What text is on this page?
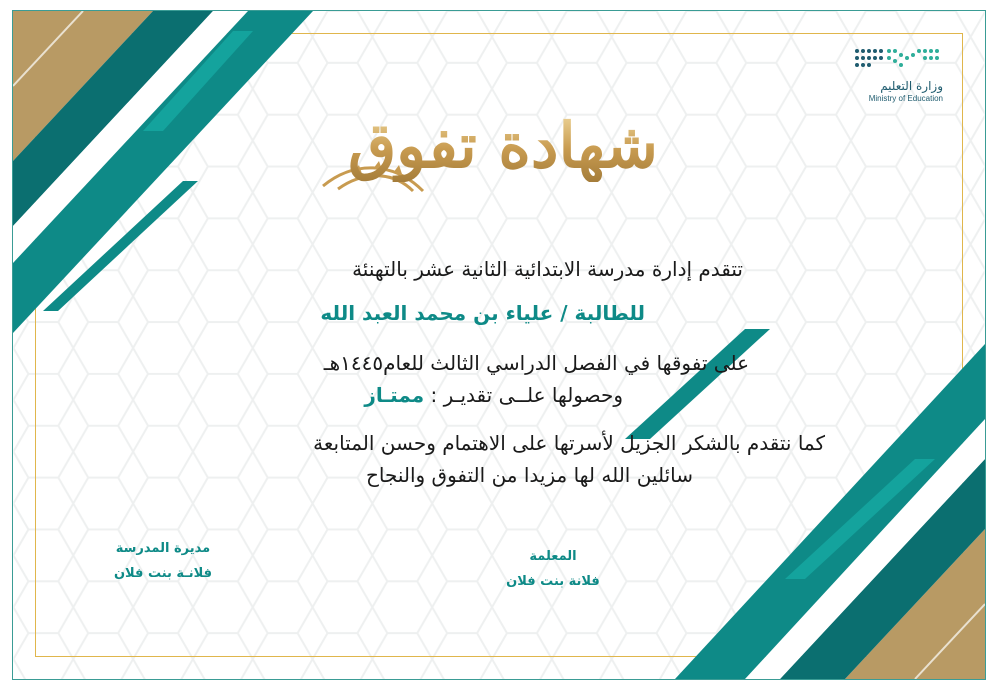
وزارة التعليم
Ministry of Education
شهادة تفوق
تتقدم إدارة مدرسة الابتدائية الثانية عشر بالتهنئة
للطالبة / علياء بن محمد العبد الله
على تفوقها في الفصل الدراسي الثالث للعام١٤٤٥هـ
وحصولها علــى تقديـر : ممتـاز
كما نتقدم بالشكر الجزيل لأسرتها على الاهتمام وحسن المتابعة
سائلين الله لها مزيدا من التفوق والنجاح
مديرة المدرسة
فلانـة بنت فلان
المعلمة
فلانة بنت فلان
